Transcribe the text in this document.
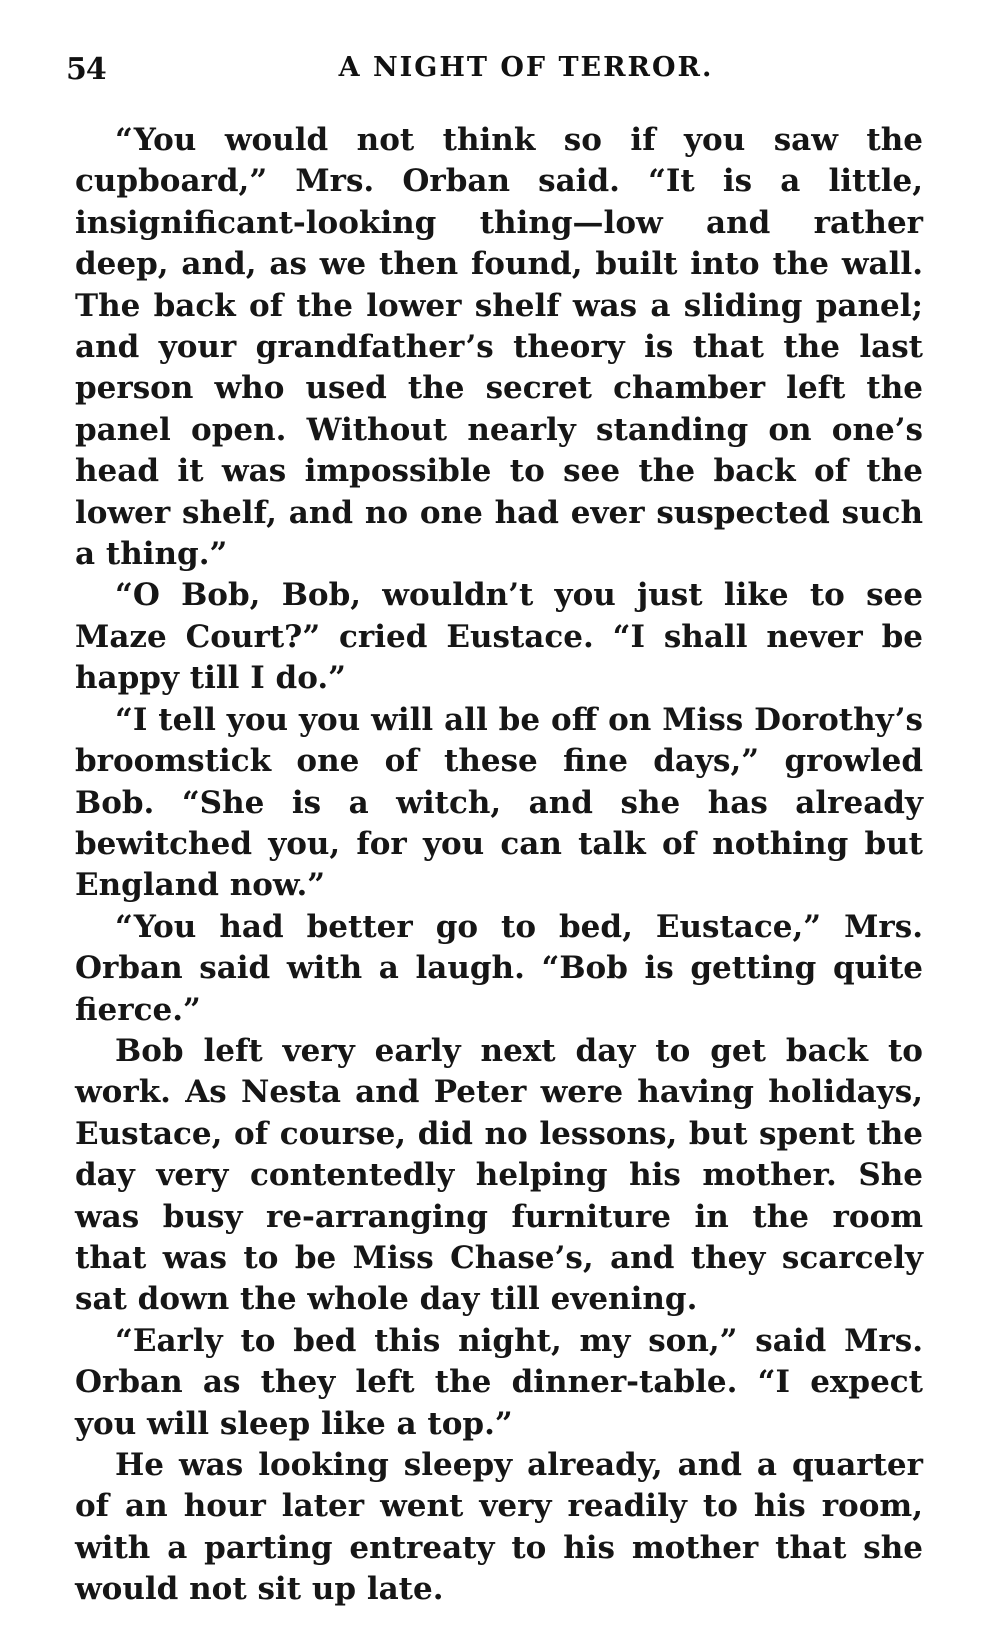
54	A NIGHT OF TERROR.

“You would not think so if you saw the cupboard,” Mrs. Orban said. “It is a little, insignificant-looking thing—low and rather deep, and, as we then found, built into the wall. The back of the lower shelf was a sliding panel; and your grandfather’s theory is that the last person who used the secret chamber left the panel open. Without nearly standing on one’s head it was impossible to see the back of the lower shelf, and no one had ever suspected such a thing.”

“O Bob, Bob, wouldn’t you just like to see Maze Court?” cried Eustace. “I shall never be happy till I do.”

“I tell you you will all be off on Miss Dorothy’s broomstick one of these fine days,” growled Bob. “She is a witch, and she has already bewitched you, for you can talk of nothing but England now.”

“You had better go to bed, Eustace,” Mrs. Orban said with a laugh. “Bob is getting quite fierce.”

Bob left very early next day to get back to work. As Nesta and Peter were having holidays, Eustace, of course, did no lessons, but spent the day very contentedly helping his mother. She was busy re-arranging furniture in the room that was to be Miss Chase’s, and they scarcely sat down the whole day till evening.

“Early to bed this night, my son,” said Mrs. Orban as they left the dinner-table. “I expect you will sleep like a top.”

He was looking sleepy already, and a quarter of an hour later went very readily to his room, with a parting entreaty to his mother that she would not sit up late.
